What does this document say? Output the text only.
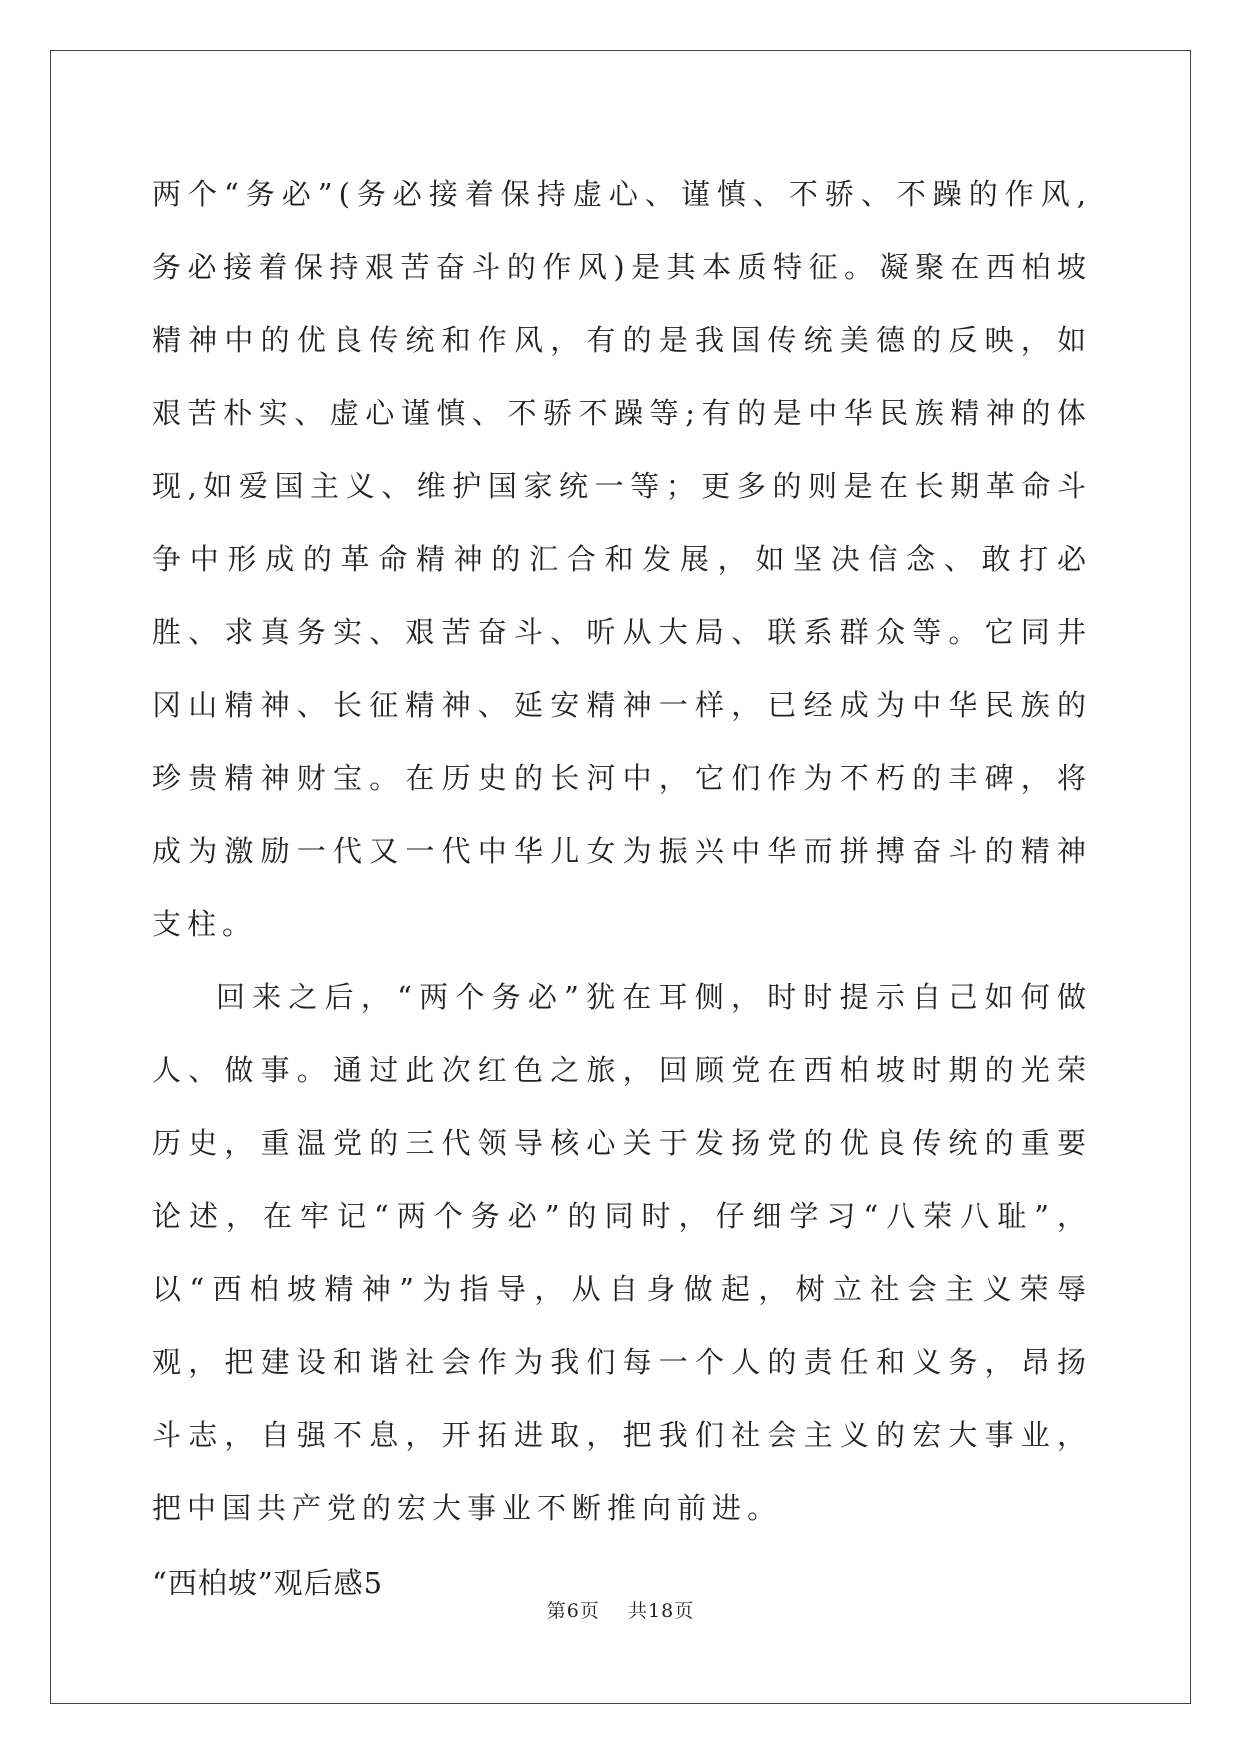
两个“务必”(务必接着保持虚心、谨慎、不骄、不躁的作风,务必接着保持艰苦奋斗的作风)是其本质特征。凝聚在西柏坡精神中的优良传统和作风，有的是我国传统美德的反映，如艰苦朴实、虚心谨慎、不骄不躁等;有的是中华民族精神的体现,如爱国主义、维护国家统一等；更多的则是在长期革命斗争中形成的革命精神的汇合和发展，如坚决信念、敢打必胜、求真务实、艰苦奋斗、听从大局、联系群众等。它同井冈山精神、长征精神、延安精神一样，已经成为中华民族的珍贵精神财宝。在历史的长河中，它们作为不朽的丰碑，将成为激励一代又一代中华儿女为振兴中华而拼搏奋斗的精神支柱。

回来之后，“两个务必”犹在耳侧，时时提示自己如何做人、做事。通过此次红色之旅，回顾党在西柏坡时期的光荣历史，重温党的三代领导核心关于发扬党的优良传统的重要论述，在牢记“两个务必”的同时，仔细学习“八荣八耻”，以“西柏坡精神”为指导，从自身做起，树立社会主义荣辱观，把建设和谐社会作为我们每一个人的责任和义务，昂扬斗志，自强不息，开拓进取，把我们社会主义的宏大事业，把中国共产党的宏大事业不断推向前进。

“西柏坡”观后感5

第6页    共18页
